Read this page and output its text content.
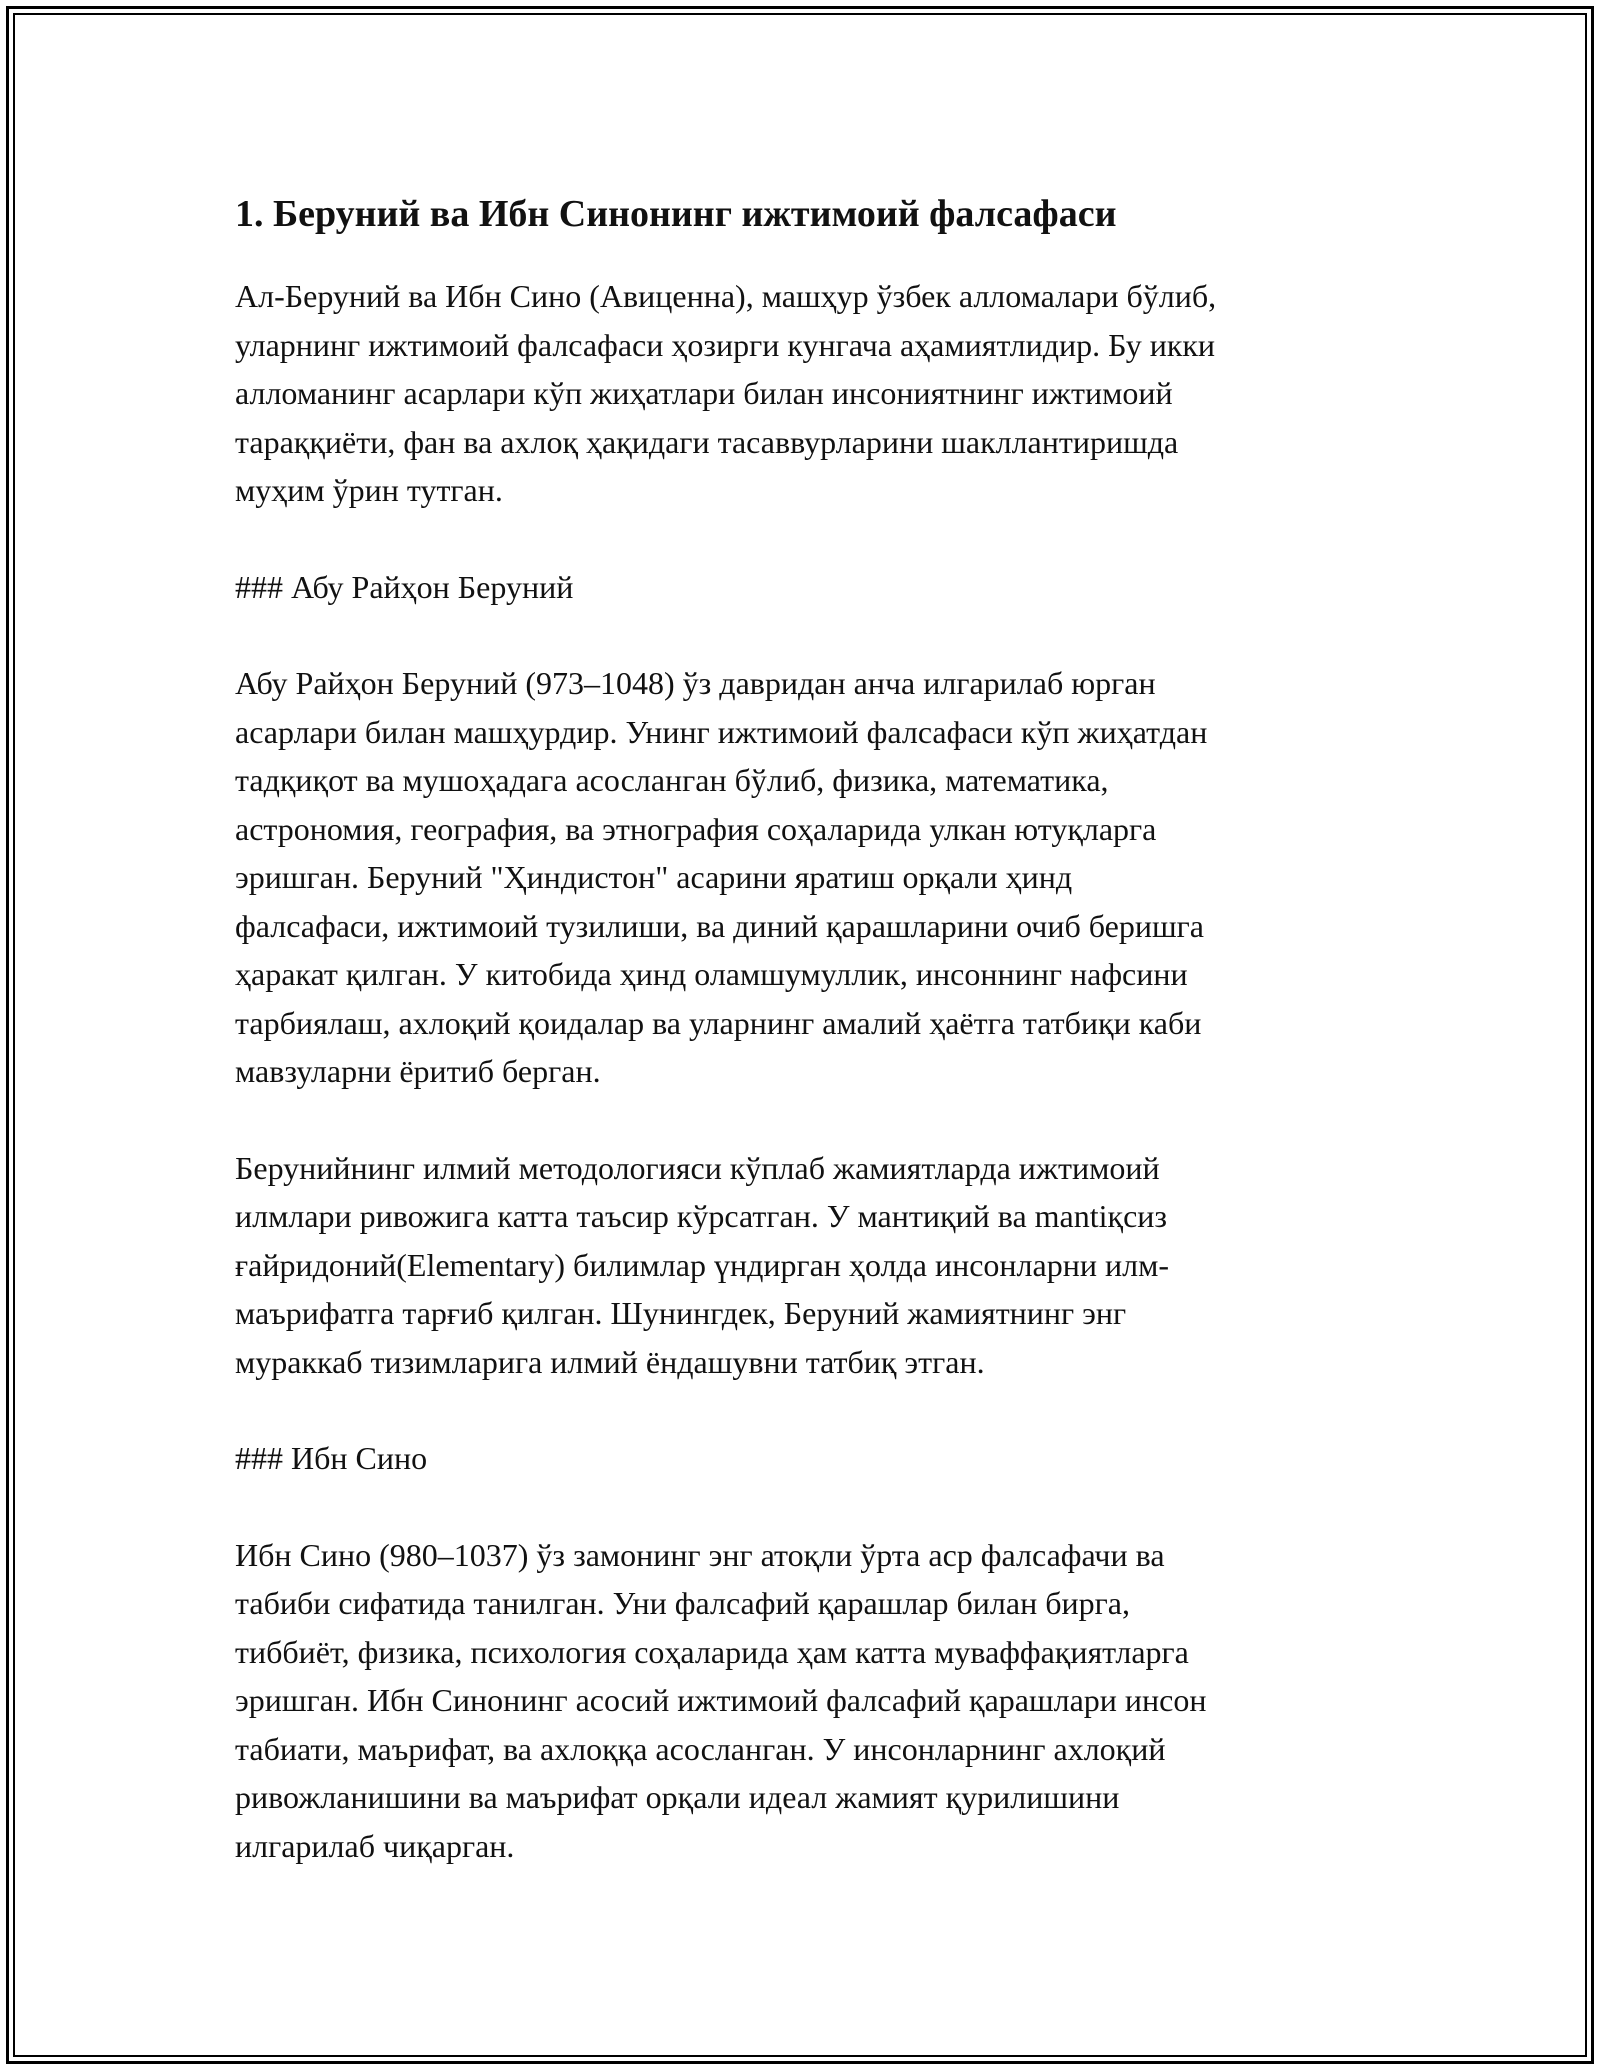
1. Беруний ва Ибн Синонинг ижтимоий фалсафаси

Ал-Беруний ва Ибн Сино (Авиценна), машҳур ўзбек алломалари бўлиб,
уларнинг ижтимоий фалсафаси ҳозирги кунгача аҳамиятлидир. Бу икки
алломанинг асарлари кўп жиҳатлари билан инсониятнинг ижтимоий
тараққиёти, фан ва ахлоқ ҳақидаги тасаввурларини шакллантиришда
муҳим ўрин тутган.

### Абу Райҳон Беруний

Абу Райҳон Беруний (973–1048) ўз давридан анча илгарилаб юрган
асарлари билан машҳурдир. Унинг ижтимоий фалсафаси кўп жиҳатдан
тадқиқот ва мушоҳадага асосланган бўлиб, физика, математика,
астрономия, география, ва этнография соҳаларида улкан ютуқларга
эришган. Беруний "Ҳиндистон" асарини яратиш орқали ҳинд
фалсафаси, ижтимоий тузилиши, ва диний қарашларини очиб беришга
ҳаракат қилган. У китобида ҳинд оламшумуллик, инсоннинг нафсини
тарбиялаш, ахлоқий қоидалар ва уларнинг амалий ҳаётга татбиқи каби
мавзуларни ёритиб берган.

Берунийнинг илмий методологияси кўплаб жамиятларда ижтимоий
илмлари ривожига катта таъсир кўрсатган. У мантиқий ва mantiқсиз
ғайридоний(Elementary) билимлар үндирган ҳолда инсонларни илм-
маърифатга тарғиб қилган. Шунингдек, Беруний жамиятнинг энг
мураккаб тизимларига илмий ёндашувни татбиқ этган.

### Ибн Сино

Ибн Сино (980–1037) ўз замонинг энг атоқли ўрта аср фалсафачи ва
табиби сифатида танилган. Уни фалсафий қарашлар билан бирга,
тиббиёт, физика, психология соҳаларида ҳам катта муваффақиятларга
эришган. Ибн Синонинг асосий ижтимоий фалсафий қарашлари инсон
табиати, маърифат, ва ахлоққа асосланган. У инсонларнинг ахлоқий
ривожланишини ва маърифат орқали идеал жамият қурилишини
илгарилаб чиқарган.
